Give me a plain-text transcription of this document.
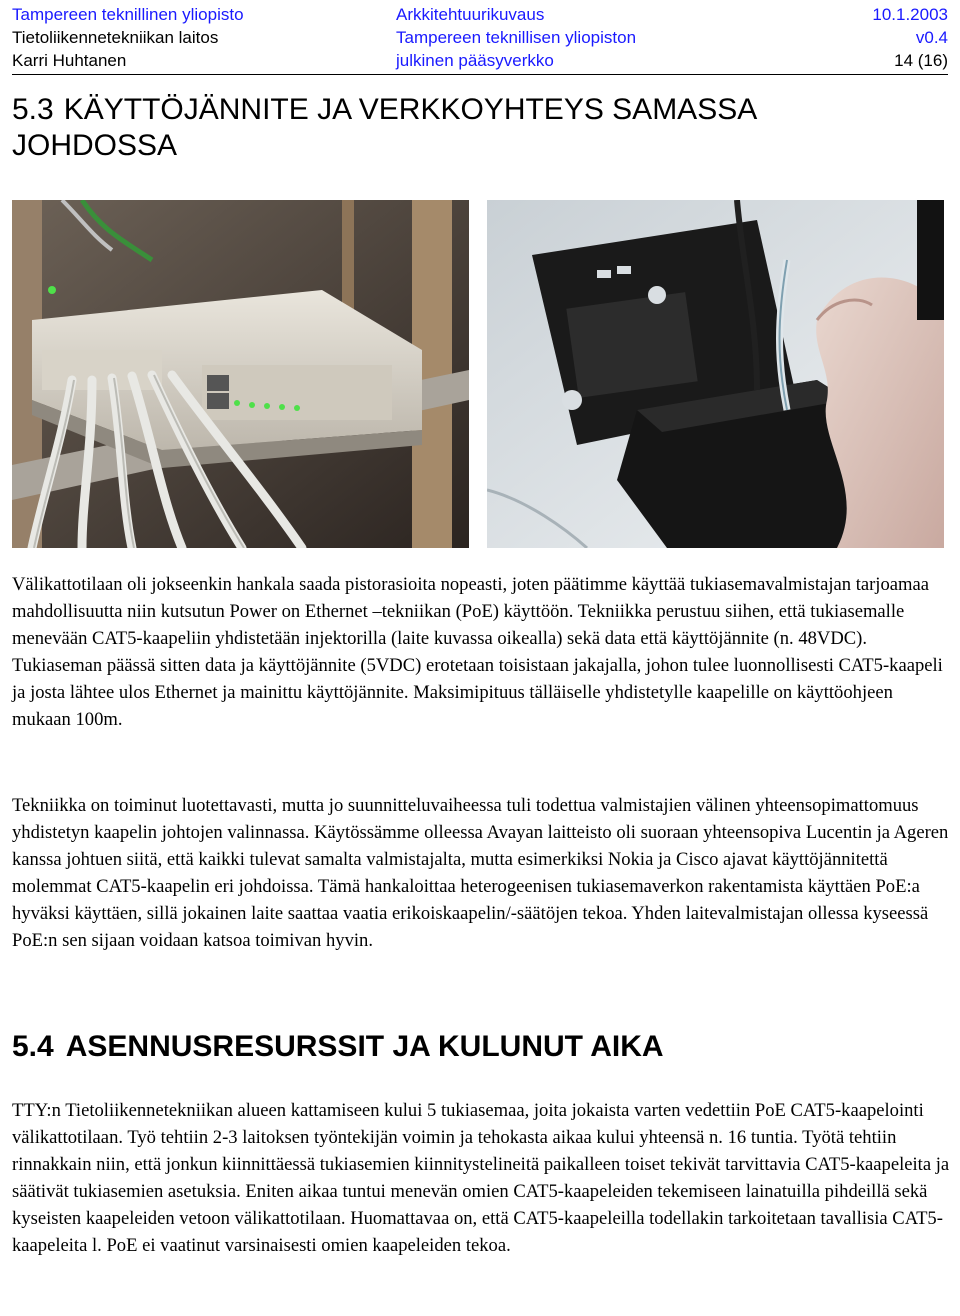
Tampereen teknillinen yliopisto	Arkkitehtuurikuvaus	10.1.2003
Tietoliikennetekniikan laitos	Tampereen teknillisen yliopiston	v0.4
Karri Huhtanen	julkinen pääsyverkko	14 (16)
5.3 KÄYTTÖJÄNNITE JA VERKKOYHTEYS SAMASSA JOHDOSSA

Välikattotilaan oli jokseenkin hankala saada pistorasioita nopeasti, joten päätimme käyttää tukiasemavalmistajan tarjoamaa mahdollisuutta niin kutsutun Power on Ethernet –tekniikan (PoE) käyttöön. Tekniikka perustuu siihen, että tukiasemalle menevään CAT5-kaapeliin yhdistetään injektorilla (laite kuvassa oikealla) sekä data että käyttöjännite (n. 48VDC). Tukiaseman päässä sitten data ja käyttöjännite (5VDC) erotetaan toisistaan jakajalla, johon tulee luonnollisesti CAT5-kaapeli ja josta lähtee ulos Ethernet ja mainittu käyttöjännite. Maksimipituus tälläiselle yhdistetylle kaapelille on käyttöohjeen mukaan 100m.

Tekniikka on toiminut luotettavasti, mutta jo suunnitteluvaiheessa tuli todettua valmistajien välinen yhteensopimattomuus yhdistetyn kaapelin johtojen valinnassa. Käytössämme olleessa Avayan laitteisto oli suoraan yhteensopiva Lucentin ja Ageren kanssa johtuen siitä, että kaikki tulevat samalta valmistajalta, mutta esimerkiksi Nokia ja Cisco ajavat käyttöjännitettä molemmat CAT5-kaapelin eri johdoissa. Tämä hankaloittaa heterogeenisen tukiasemaverkon rakentamista käyttäen PoE:a hyväksi käyttäen, sillä jokainen laite saattaa vaatia erikoiskaapelin/-säätöjen tekoa. Yhden laitevalmistajan ollessa kyseessä PoE:n sen sijaan voidaan katsoa toimivan hyvin.

5.4 ASENNUSRESURSSIT JA KULUNUT AIKA

TTY:n Tietoliikennetekniikan alueen kattamiseen kului 5 tukiasemaa, joita jokaista varten vedettiin PoE CAT5-kaapelointi välikattotilaan. Työ tehtiin 2-3 laitoksen työntekijän voimin ja tehokasta aikaa kului yhteensä n. 16 tuntia. Työtä tehtiin rinnakkain niin, että jonkun kiinnittäessä tukiasemien kiinnitystelineitä paikalleen toiset tekivät tarvittavia CAT5-kaapeleita ja säätivät tukiasemien asetuksia. Eniten aikaa tuntui menevän omien CAT5-kaapeleiden tekemiseen lainatuilla pihdeillä sekä kyseisten kaapeleiden vetoon välikattotilaan. Huomattavaa on, että CAT5-kaapeleilla todellakin tarkoitetaan tavallisia CAT5-kaapeleita l. PoE ei vaatinut varsinaisesti omien kaapeleiden tekoa.
